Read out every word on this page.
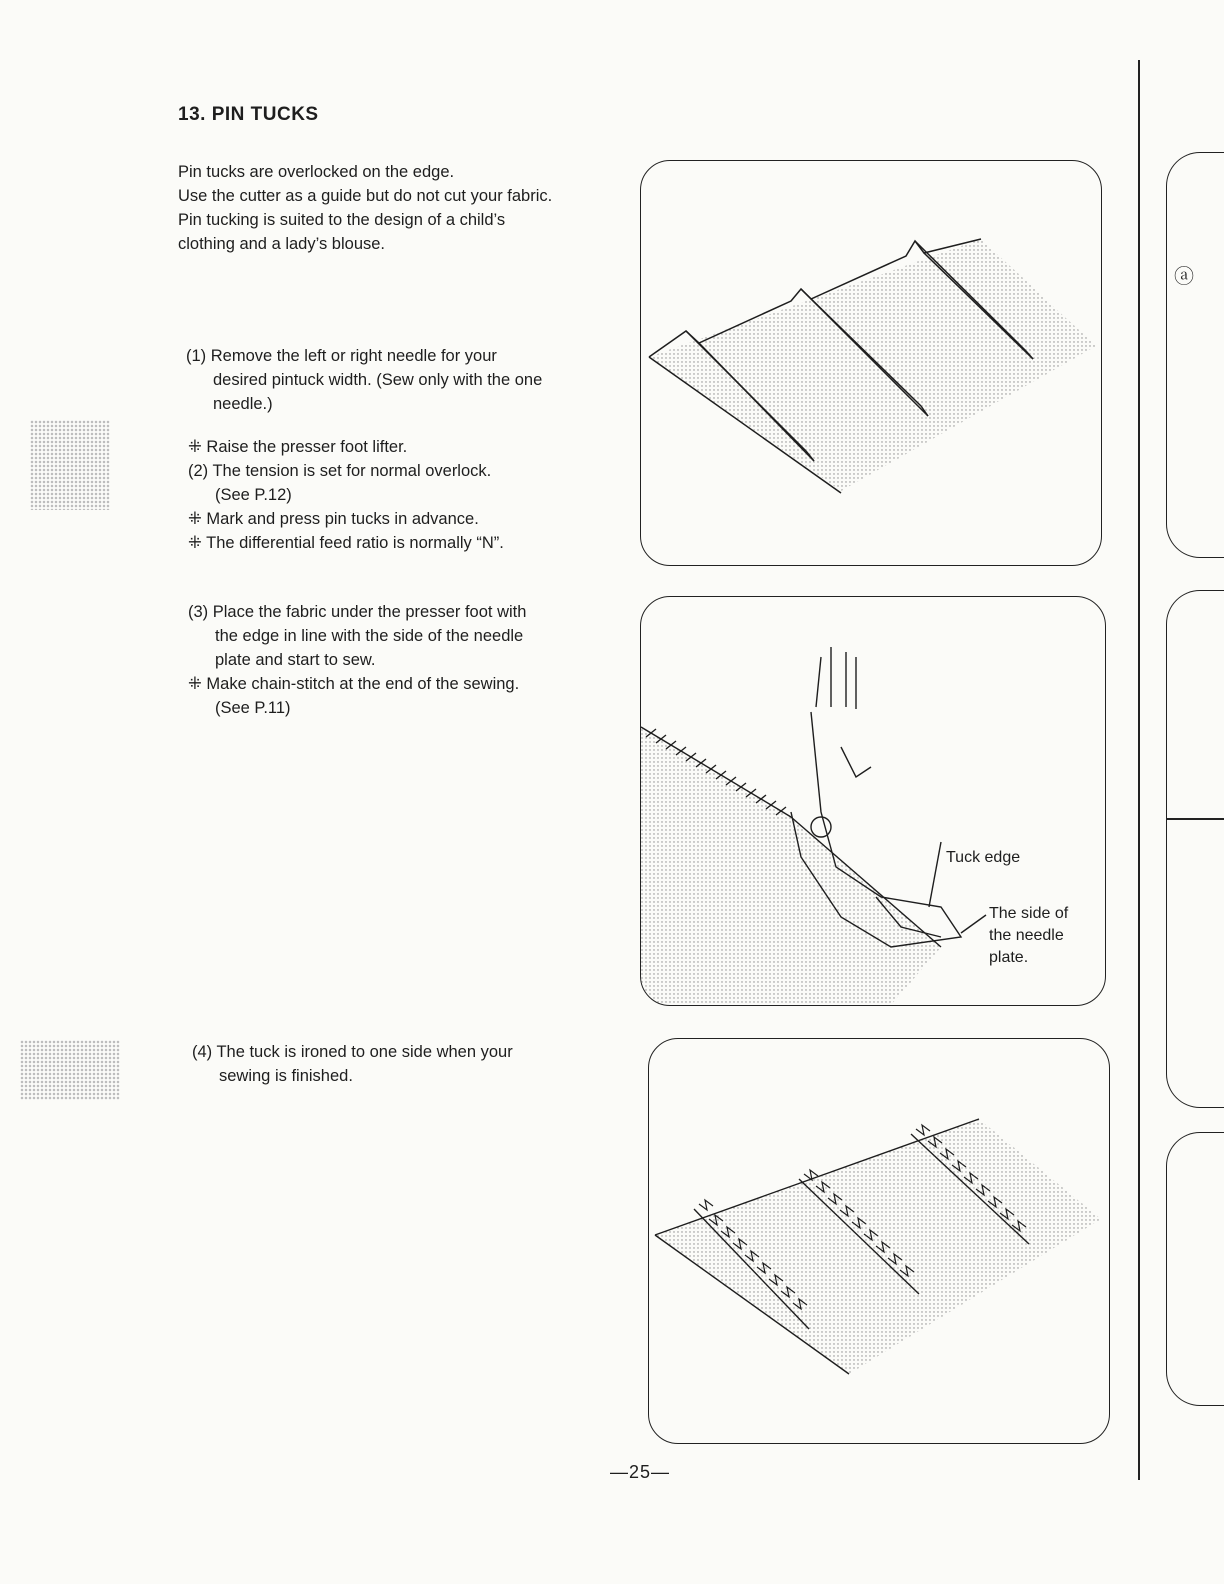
13. PIN TUCKS
Pin tucks are overlocked on the edge.
Use the cutter as a guide but do not cut your fabric.
Pin tucking is suited to the design of a child’s
clothing and a lady’s blouse.
(1) Remove the left or right needle for your
desired pintuck width. (Sew only with the one
needle.)
⁜ Raise the presser foot lifter.
(2) The tension is set for normal overlock.
(See P.12)
⁜ Mark and press pin tucks in advance.
⁜ The differential feed ratio is normally “N”.
(3) Place the fabric under the presser foot with
the edge in line with the side of the needle
plate and start to sew.
⁜ Make chain-stitch at the end of the sewing.
(See P.11)
(4) The tuck is ironed to one side when your
sewing is finished.
Tuck edge
The side of
the needle
plate.
ⓐ
—25—
